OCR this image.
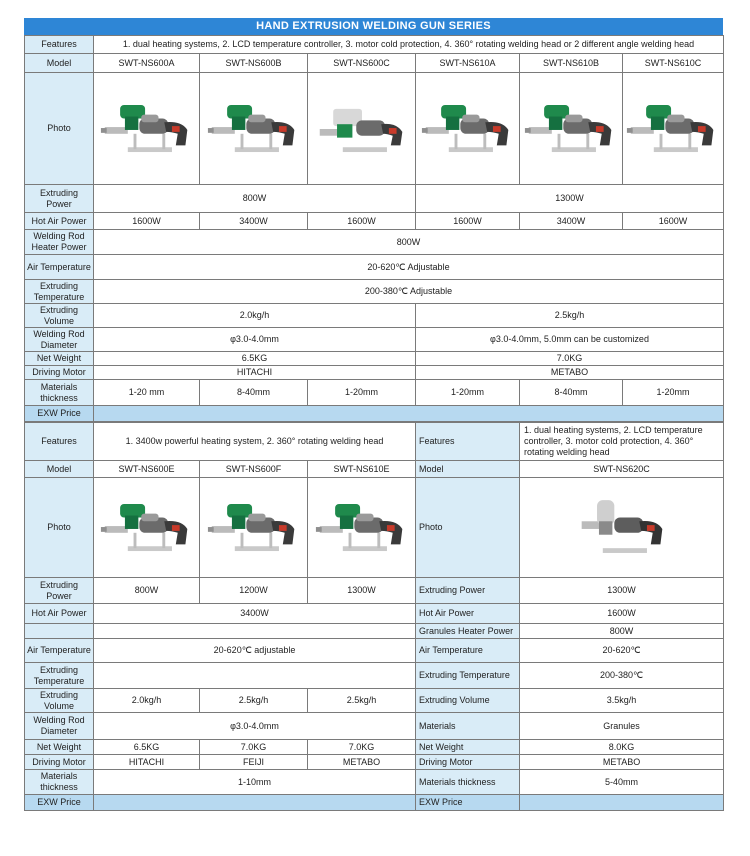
HAND EXTRUSION WELDING GUN SERIES
Features	1. dual heating systems, 2. LCD temperature controller, 3. motor cold protection, 4. 360° rotating welding head or 2 different angle welding head					
Model	SWT-NS600A	SWT-NS600B	SWT-NS600C	SWT-NS610A	SWT-NS610B	SWT-NS610C
Photo	

Extruding Power	800W			1300W		
Hot Air Power	1600W	3400W	1600W	1600W	3400W	1600W
Welding Rod Heater Power	800W					
Air Temperature	20-620℃ Adjustable					
Extruding Temperature	200-380℃ Adjustable					
Extruding Volume	2.0kg/h			2.5kg/h		
Welding Rod Diameter	φ3.0-4.0mm			φ3.0-4.0mm, 5.0mm can be customized		
Net Weight	6.5KG			7.0KG		
Driving Motor	HITACHI			METABO		
Materials thickness	1-20 mm	8-40mm	1-20mm	1-20mm	8-40mm	1-20mm
EXW Price						
Features	1. 3400w powerful heating system, 2. 360° rotating welding head			Features	1. dual heating systems, 2. LCD temperature controller, 3. motor cold protection, 4. 360° rotating welding head
Model	SWT-NS600E	SWT-NS600F	SWT-NS610E	Model	SWT-NS620C
Photo				Photo	

Extruding Power	800W	1200W	1300W	Extruding Power	1300W
Hot Air Power	3400W			Hot Air Power	1600W
				Granules Heater Power	800W
Air Temperature	20-620℃ adjustable			Air Temperature	20-620℃
Extruding Temperature				Extruding Temperature	200-380℃
Extruding Volume	2.0kg/h	2.5kg/h	2.5kg/h	Extruding Volume	3.5kg/h
Welding Rod Diameter	φ3.0-4.0mm			Materials	Granules
Net Weight	6.5KG	7.0KG	7.0KG	Net Weight	8.0KG
Driving Motor	HITACHI	FEIJI	METABO	Driving Motor	METABO
Materials thickness	1-10mm			Materials thickness	5-40mm
EXW Price				EXW Price	
